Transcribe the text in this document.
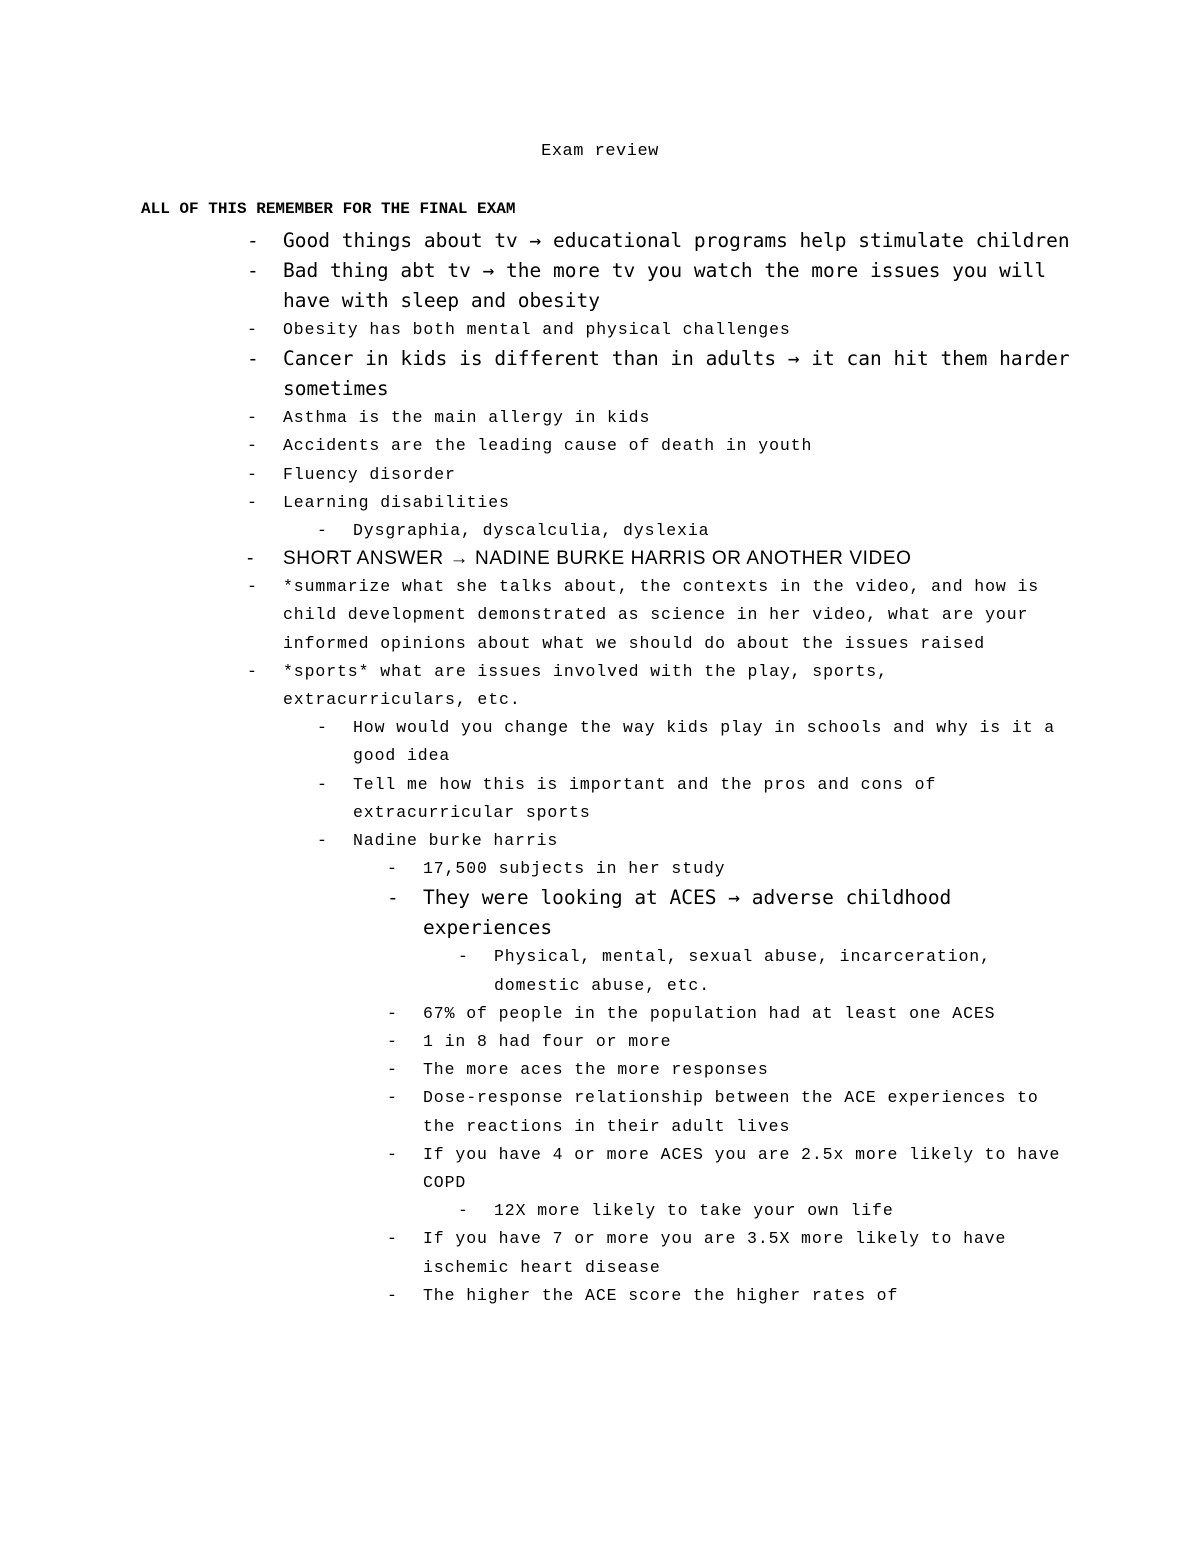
Exam review
ALL OF THIS REMEMBER FOR THE FINAL EXAM
- Good things about tv → educational programs help stimulate children
- Bad thing abt tv → the more tv you watch the more issues you will have with sleep and obesity
- Obesity has both mental and physical challenges
- Cancer in kids is different than in adults → it can hit them harder sometimes
- Asthma is the main allergy in kids
- Accidents are the leading cause of death in youth
- Fluency disorder
- Learning disabilities
- Dysgraphia, dyscalculia, dyslexia
- SHORT ANSWER → NADINE BURKE HARRIS OR ANOTHER VIDEO
- *summarize what she talks about, the contexts in the video, and how is child development demonstrated as science in her video, what are your informed opinions about what we should do about the issues raised
- *sports* what are issues involved with the play, sports, extracurriculars, etc.
- How would you change the way kids play in schools and why is it a good idea
- Tell me how this is important and the pros and cons of extracurricular sports
- Nadine burke harris
- 17,500 subjects in her study
- They were looking at ACES → adverse childhood experiences
- Physical, mental, sexual abuse, incarceration, domestic abuse, etc.
- 67% of people in the population had at least one ACES
- 1 in 8 had four or more
- The more aces the more responses
- Dose-response relationship between the ACE experiences to the reactions in their adult lives
- If you have 4 or more ACES you are 2.5x more likely to have COPD
- 12X more likely to take your own life
- If you have 7 or more you are 3.5X more likely to have ischemic heart disease
- The higher the ACE score the higher rates of
